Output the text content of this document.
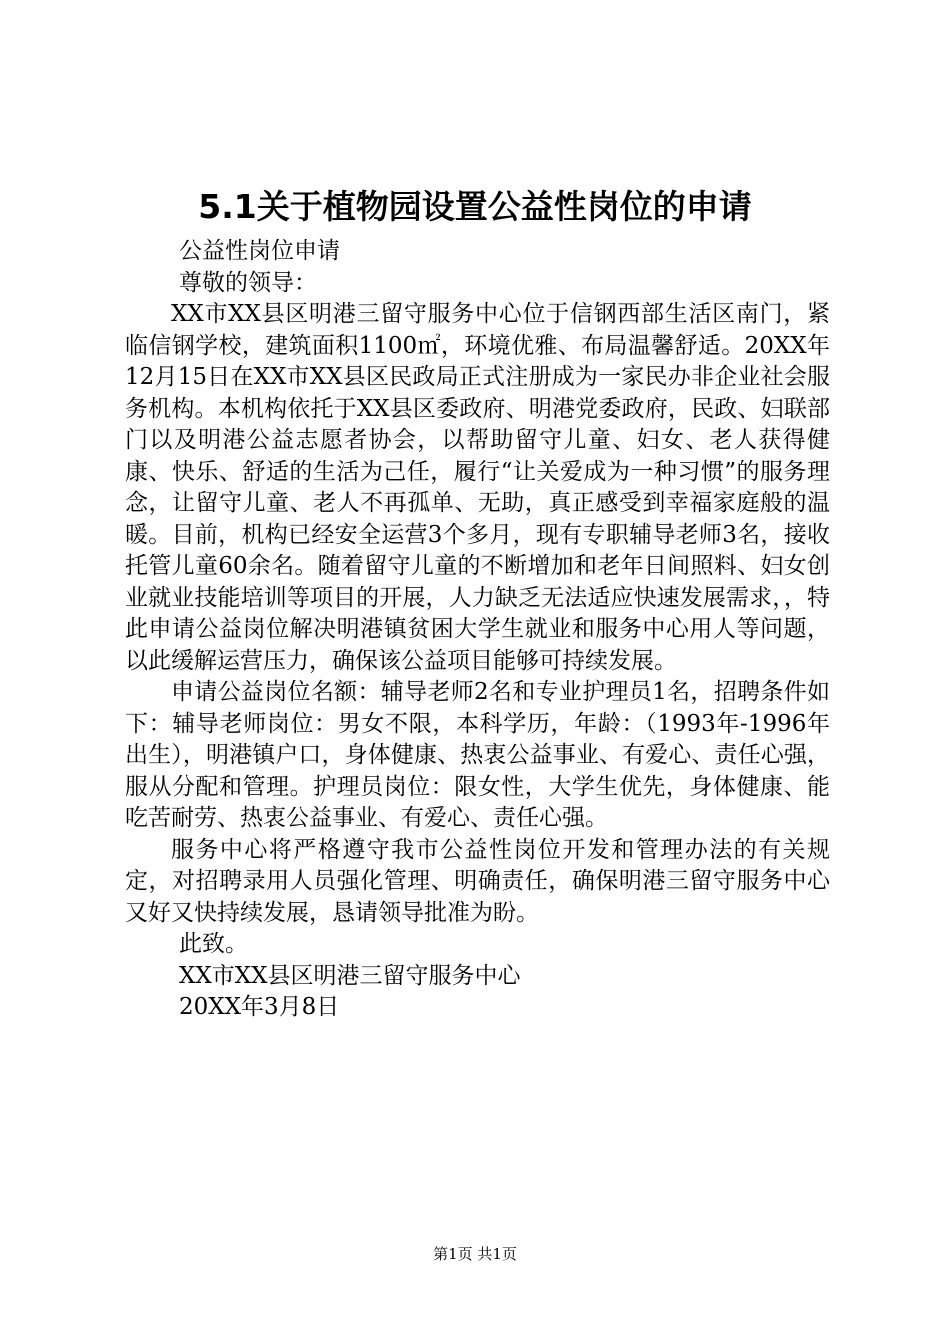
5.1关于植物园设置公益性岗位的申请

公益性岗位申请

尊敬的领导：

XX市XX县区明港三留守服务中心位于信钢西部生活区南门，紧临信钢学校，建筑面积1100㎡，环境优雅、布局温馨舒适。20XX年12月15日在XX市XX县区民政局正式注册成为一家民办非企业社会服务机构。本机构依托于XX县区委政府、明港党委政府，民政、妇联部门以及明港公益志愿者协会，以帮助留守儿童、妇女、老人获得健康、快乐、舒适的生活为己任，履行“让关爱成为一种习惯”的服务理念，让留守儿童、老人不再孤单、无助，真正感受到幸福家庭般的温暖。目前，机构已经安全运营3个多月，现有专职辅导老师3名，接收托管儿童60余名。随着留守儿童的不断增加和老年日间照料、妇女创业就业技能培训等项目的开展，人力缺乏无法适应快速发展需求，，特此申请公益岗位解决明港镇贫困大学生就业和服务中心用人等问题，以此缓解运营压力，确保该公益项目能够可持续发展。

申请公益岗位名额：辅导老师2名和专业护理员1名，招聘条件如下：辅导老师岗位：男女不限，本科学历，年龄：（1993年-1996年出生），明港镇户口，身体健康、热衷公益事业、有爱心、责任心强，服从分配和管理。护理员岗位：限女性，大学生优先，身体健康、能吃苦耐劳、热衷公益事业、有爱心、责任心强。

服务中心将严格遵守我市公益性岗位开发和管理办法的有关规定，对招聘录用人员强化管理、明确责任，确保明港三留守服务中心又好又快持续发展，恳请领导批准为盼。

此致。

XX市XX县区明港三留守服务中心

20XX年3月8日

第1页 共1页
